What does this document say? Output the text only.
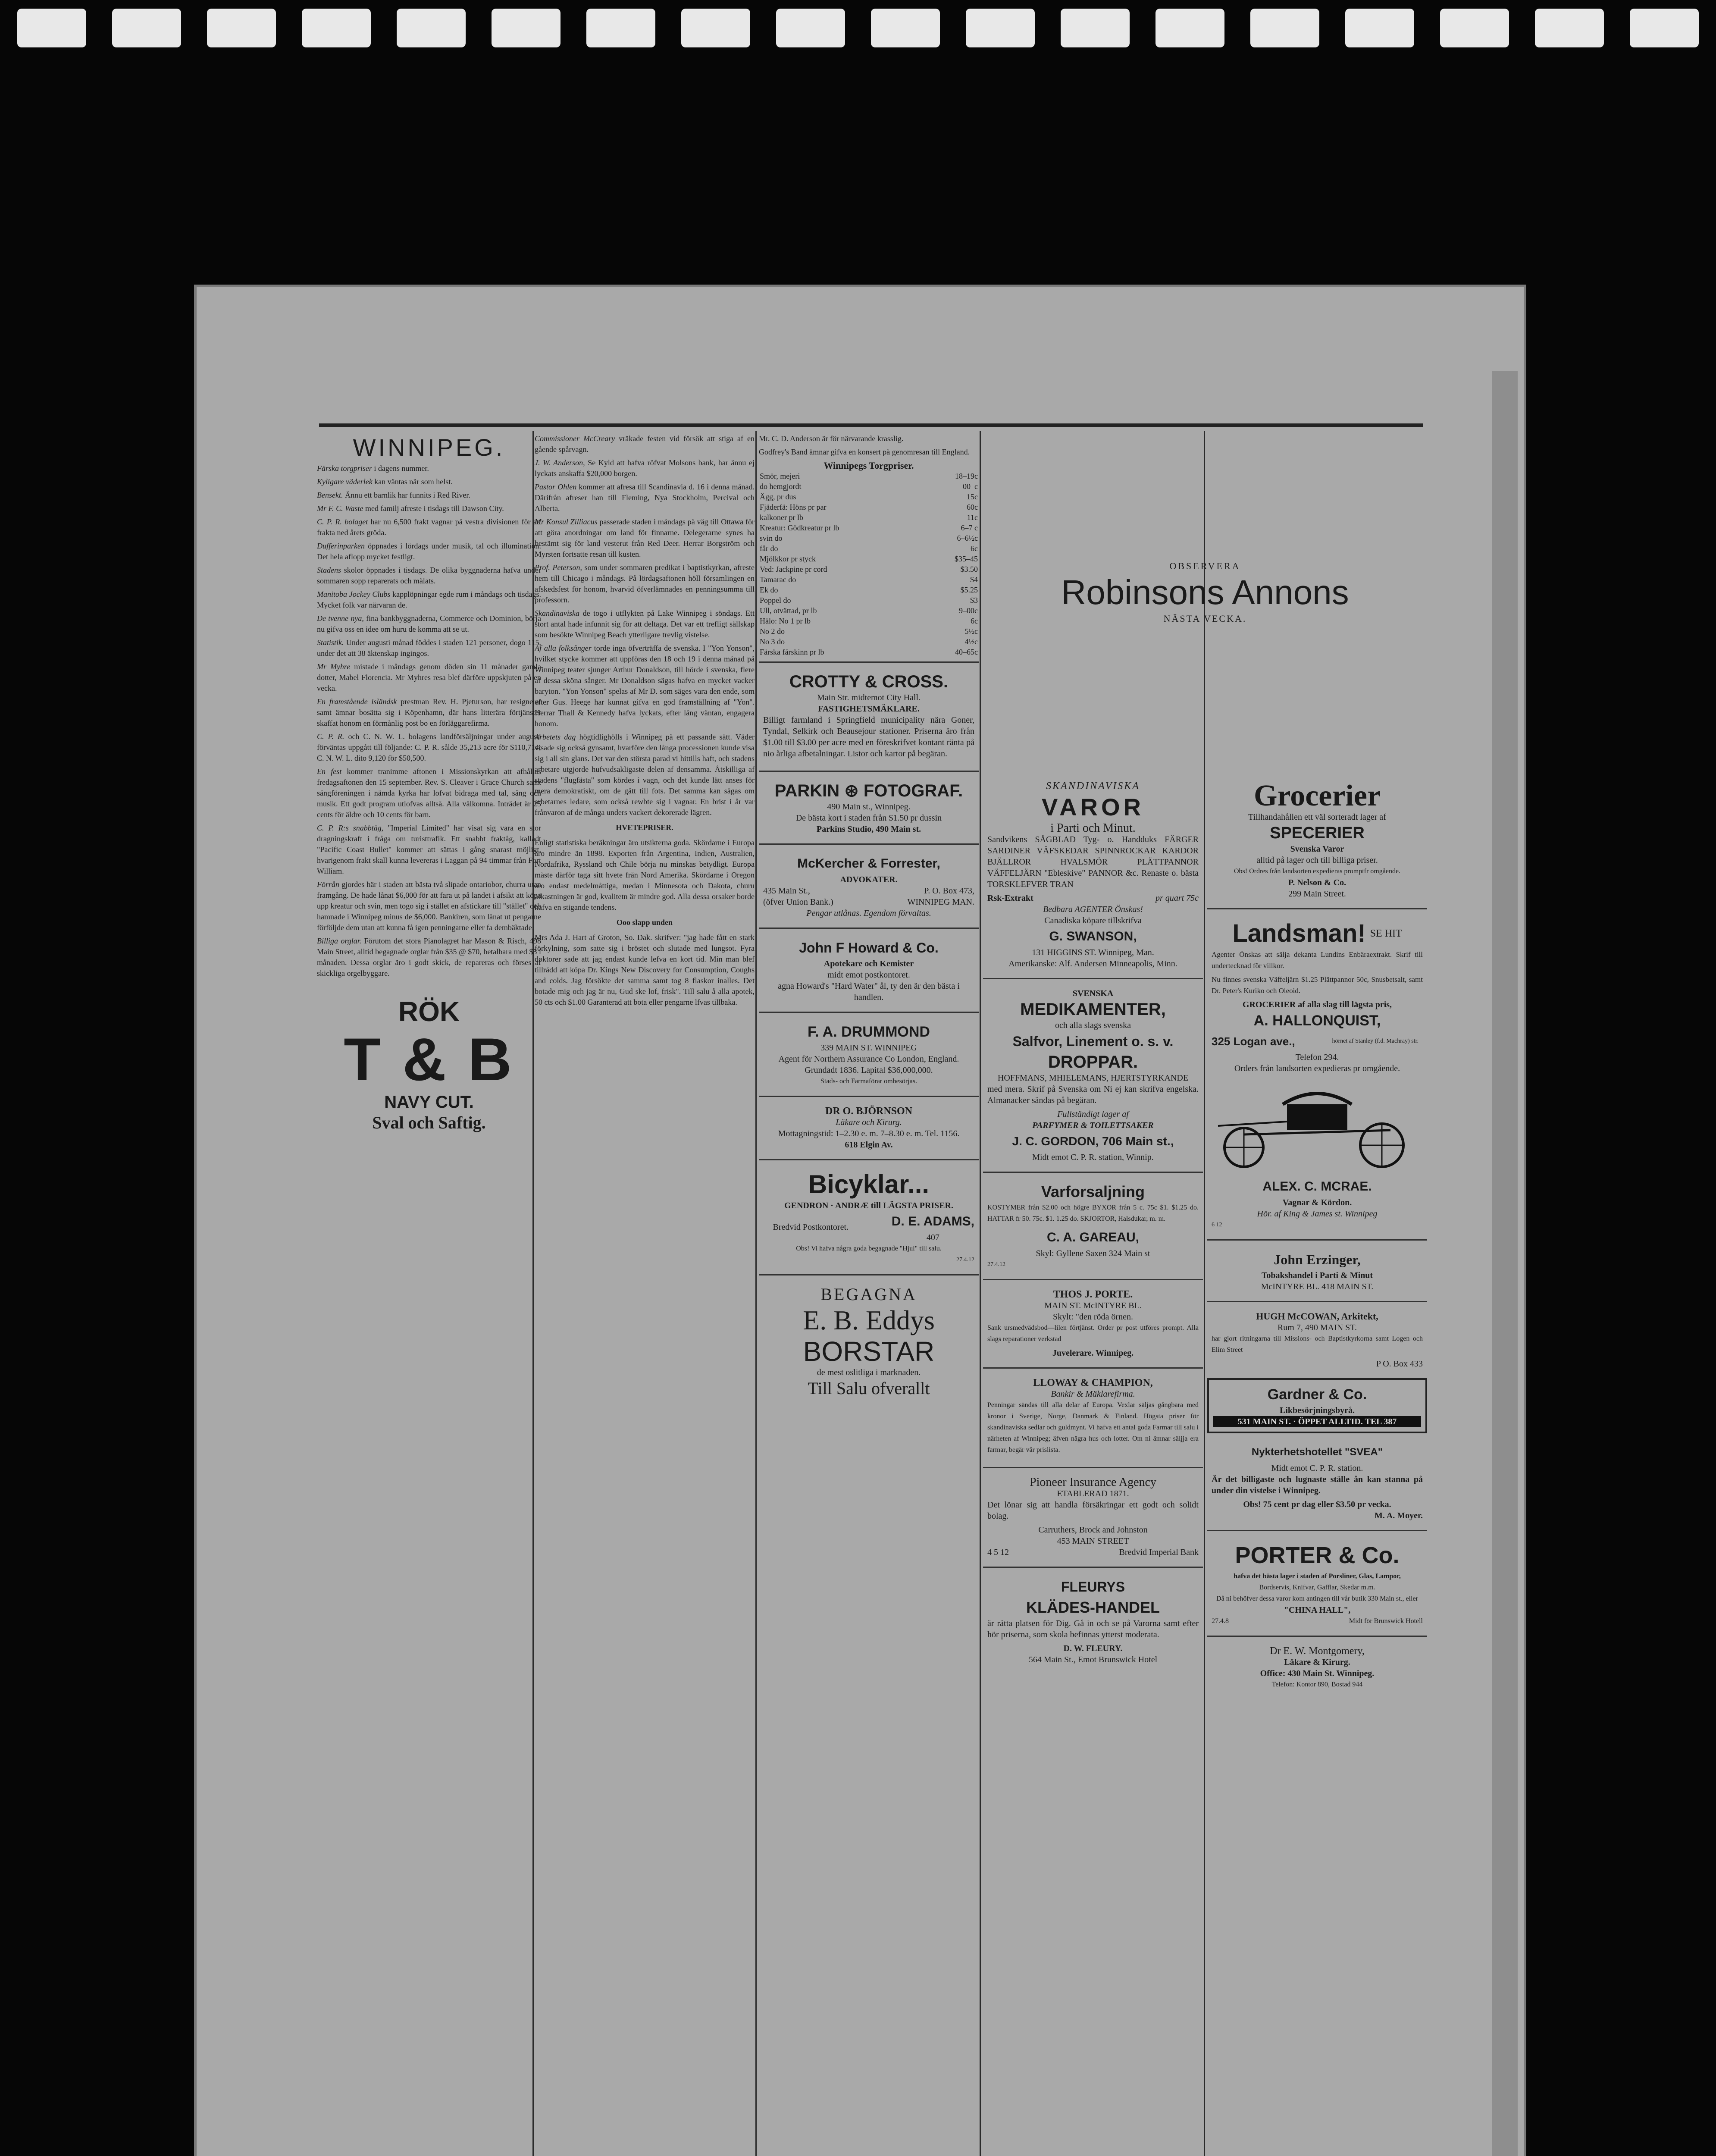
WINNIPEG.

Färska torgpriser i dagens nummer.

Kyligare väderlek kan väntas när som helst.

Bensekt. Ännu ett barnlik har funnits i Red River.

Mr F. C. Waste med familj afreste i tisdags till Dawson City.

C. P. R. bolaget har nu 6,500 frakt vagnar på vestra divisionen för att frakta ned årets gröda.

Dufferinparken öppnades i lördags under musik, tal och illumination. Det hela aflopp mycket festligt.

Stadens skolor öppnades i tisdags. De olika byggnaderna hafva under sommaren sopp reparerats och målats.

Manitoba Jockey Clubs kapplöpningar egde rum i måndags och tisdags. Mycket folk var närvaran de.

De tvenne nya, fina bankbyggnaderna, Commerce och Dominion, börja nu gifva oss en idee om huru de komma att se ut.

Statistik. Under augusti månad föddes i staden 121 personer, dogo 115, under det att 38 äktenskap ingingos.

Mr Myhre mistade i måndags genom döden sin 11 månader gamla dotter, Mabel Florencia. Mr Myhres resa blef därföre uppskjuten på en vecka.

En framstående isländsk prestman Rev. H. Pjeturson, har resignerat samt ämnar bosätta sig i Köpenhamn, där hans litterära förtjänster skaffat honom en förmånlig post bo en förläggarefirma.

C. P. R. och C. N. W. L. bolagens landförsäljningar under augusti förväntas uppgått till följande: C. P. R. sålde 35,213 acre för $110,714; C. N. W. L. dito 9,120 för $50,500.

En fest kommer tranimme aftonen i Missionskyrkan att afhållas fredagsaftonen den 15 september. Rev. S. Cleaver i Grace Church samt sångföreningen i nämda kyrka har lofvat bidraga med tal, sång och musik. Ett godt program utlofvas alltså. Alla välkomna. Inträdet är 25 cents för äldre och 10 cents för barn.

C. P. R:s snabbtåg, "Imperial Limited" har visat sig vara en stor dragningskraft i fråga om turisttrafik. Ett snabbt fraktåg, kalladt "Pacific Coast Bullet" kommer att sättas i gång snarast möjligt, hvarigenom frakt skall kunna levereras i Laggan på 94 timmar från Fort William.

Förrån gjordes här i staden att bästa två slipade ontariobor, churra utan framgång. De hade lånat $6,000 för att fara ut på landet i afsikt att köpa upp kreatur och svin, men togo sig i stället en afstickare till "stället" och hamnade i Winnipeg minus de $6,000. Bankiren, som lånat ut pengarne förföljde dem utan att kunna få igen penningarne eller fa dembäktade.

Billiga orglar. Förutom det stora Pianolagret har Mason & Risch, 498 Main Street, alltid begagnade orglar från $35 @ $70, betalbara med $5 i månaden. Dessa orglar äro i godt skick, de repareras och förses af skickliga orgelbyggare.

RÖK
T & B
NAVY CUT.
Sval och Saftig.

Commissioner McCreary vräkade festen vid försök att stiga af en gående spårvagn.

J. W. Anderson, Se Kyld att hafva röfvat Molsons bank, har ännu ej lyckats anskaffa $20,000 borgen.

Pastor Ohlen kommer att afresa till Scandinavia d. 16 i denna månad. Därifrån afreser han till Fleming, Nya Stockholm, Percival och Alberta.

Mr Konsul Zilliacus passerade staden i måndags på väg till Ottawa för att göra anordningar om land för finnarne. Delegerarne synes ha bestämt sig för land vesterut från Red Deer. Herrar Borgström och Myrsten fortsatte resan till kusten.

Prof. Peterson, som under sommaren predikat i baptistkyrkan, afreste hem till Chicago i måndags. På lördagsaftonen höll församlingen en afskedsfest för honom, hvarvid öfverlämnades en penningsumma till professorn.

Skandinaviska de togo i utflykten på Lake Winnipeg i söndags. Ett stort antal hade infunnit sig för att deltaga. Det var ett trefligt sällskap som besökte Winnipeg Beach ytterligare trevlig vistelse.

Af alla folksånger torde inga öfverträffa de svenska. I "Yon Yonson", hvilket stycke kommer att uppföras den 18 och 19 i denna månad på Winnipeg teater sjunger Arthur Donaldson, till hörde i svenska, flere af dessa sköna sånger. Mr Donaldson sägas hafva en mycket vacker baryton. "Yon Yonson" spelas af Mr D. som säges vara den ende, som efter Gus. Heege har kunnat gifva en god framställning af "Yon". Herrar Thall & Kennedy hafva lyckats, efter lång väntan, engagera honom.

Arbetets dag högtidlighölls i Winnipeg på ett passande sätt. Väder visade sig också gynsamt, hvarföre den långa processionen kunde visa sig i all sin glans. Det var den största parad vi hittills haft, och stadens arbetare utgjorde hufvudsakligaste delen af densamma. Åtskilliga af stadens "flugfästa" som kördes i vagn, och det kunde lätt anses för mera demokratiskt, om de gått till fots. Det samma kan sägas om arbetarnes ledare, som också rewbte sig i vagnar. En brist i år var frånvaron af de många unders vackert dekorerade lägren.

HVETEPRISER.

Enligt statistiska beräkningar äro utsikterna goda. Skördarne i Europa äro mindre än 1898. Exporten från Argentina, Indien, Australien, Nordafrika, Ryssland och Chile börja nu minskas betydligt. Europa måste därför taga sitt hvete från Nord Amerika. Skördarne i Oregon äro endast medelmåttiga, medan i Minnesota och Dakota, churu afkastningen är god, kvalitetn är mindre god. Alla dessa orsaker borde hafva en stigande tendens.

Ooo slapp unden

Mrs Ada J. Hart af Groton, So. Dak. skrifver: "jag hade fått en stark förkylning, som satte sig i bröstet och slutade med lungsot. Fyra doktorer sade att jag endast kunde lefva en kort tid. Min man blef tillrådd att köpa Dr. Kings New Discovery for Consumption, Coughs and colds. Jag försökte det samma samt tog 8 flaskor inalles. Det botade mig och jag är nu, Gud ske lof, frisk". Till salu å alla apotek, 50 cts och $1.00 Garanterad att bota eller pengarne lfvas tillbaka.

Mr. C. D. Anderson är för närvarande krasslig.

Godfrey's Band ämnar gifva en konsert på genomresan till England.

Winnipegs Torgpriser.
Smör, mejeri	18–19c
do hemgjordt	00–c
Ägg, pr dus	15c
Fjäderfä: Höns pr par	60c
kalkoner pr lb	11c
Kreatur: Gödkreatur pr lb	6–7 c
svin do	6–6½c
får do	6c
Mjölkkor pr styck	$35–45
Ved: Jackpine pr cord	$3.50
Tamarac do	$4
Ek do	$5.25
Poppel do	$3
Ull, otvättad, pr lb	9–00c
Hälo: No 1 pr lb	6c
No 2 do	5½c
No 3 do	4½c
Färska fårskinn pr lb	40–65c
CROTTY & CROSS.
Main Str. midtemot City Hall.
FASTIGHETSMÄKLARE.

Billigt farmland i Springfield municipality nära Goner, Tyndal, Selkirk och Beausejour stationer. Priserna äro från $1.00 till $3.00 per acre med en föreskrifvet kontant ränta på nio årliga afbetalningar. Listor och kartor på begäran.

PARKIN ⊛ FOTOGRAF.
490 Main st., Winnipeg.
De bästa kort i staden från $1.50 pr dussin
Parkins Studio, 490 Main st.
McKercher & Forrester,
ADVOKATER.
435 Main St.,	P. O. Box 473,
(öfver Union Bank.)	WINNIPEG MAN.
Pengar utlånas. Egendom förvaltas.
John F Howard & Co.
Apotekare och Kemister
midt emot postkontoret.
agna Howard's "Hard Water" ål, ty den är den bästa i handlen.
F. A. DRUMMOND
339 MAIN ST. WINNIPEG
Agent för Northern Assurance Co London, England. Grundadt 1836. Lapital $36,000,000.
Stads- och Farmaförar ombesörjas.
DR O. BJÖRNSON
Läkare och Kirurg.
Mottagningstid: 1–2.30 e. m. 7–8.30 e. m. Tel. 1156.
618 Elgin Av.
Bicyklar...
GENDRON · ANDRÆ till LÄGSTA PRISER.
Bredvid Postkontoret.	D. E. ADAMS,
407
Obs! Vi hafva några goda begagnade "Hjul" till salu.
27.4.12
BEGAGNA
E. B. Eddys
BORSTAR
de mest oslitliga i marknaden.
Till Salu ofverallt
OBSERVERA
Robinsons Annons
NÄSTA VECKA.
SKANDINAVISKA
VAROR
i Parti och Minut.

Sandvikens SÅGBLAD Tyg- o. Handduks FÄRGER SARDINER VÄFSKEDAR SPINNROCKAR KARDOR BJÄLLROR HVALSMÖR PLÄTTPANNOR VÄFFELJÄRN "Ebleskive" PANNOR &c. Renaste o. bästa TORSKLEFVER TRAN

Rsk-Extrakt	pr quart 75c
Bedbara AGENTER Önskas!
Canadiska köpare tillskrifva
G. SWANSON,
131 HIGGINS ST. Winnipeg, Man.
Amerikanske: Alf. Andersen Minneapolis, Minn.
SVENSKA
MEDIKAMENTER,
och alla slags svenska
Salfvor, Linement o. s. v.
DROPPAR.
HOFFMANS, MHIELEMANS, HJERTSTYRKANDE

med mera. Skrif på Svenska om Ni ej kan skrifva engelska. Almanacker sändas på begäran.

Fullständigt lager af
PARFYMER & TOILETTSAKER
J. C. GORDON, 706 Main st.,
Midt emot C. P. R. station, Winnip.
Varforsaljning

KOSTYMER från $2.00 och högre BYXOR från 5 c. 75c $1. $1.25 do. HATTAR fr 50. 75c. $1. 1.25 do. SKJORTOR, Halsdukar, m. m.

C. A. GAREAU,
Skyl: Gyllene Saxen 324 Main st
27.4.12
THOS J. PORTE.
MAIN ST. McINTYRE BL.
Skylt: "den röda örnen.

Sank ursmedvädsbod—lilen förtjänst. Order pr post utföres prompt. Alla slags reparationer verkstad

Juvelerare. Winnipeg.
LLOWAY & CHAMPION,
Bankir & Mäklarefirma.

Penningar sändas till alla delar af Europa. Vexlar säljas gångbara med kronor i Sverige, Norge, Danmark & Finland. Högsta priser för skandinaviska sedlar och guldmynt. Vi hafva ett antal goda Farmar till salu i närheten af Winnipeg; äfven nägra hus och lotter. Om ni ämnar säljja era farmar, begär vår prislista.

Pioneer Insurance Agency
ETABLERAD 1871.

Det lönar sig att handla försäkringar ett godt och solidt bolag.

Carruthers, Brock and Johnston
453 MAIN STREET
4 5 12	Bredvid Imperial Bank
FLEURYS
KLÄDES-HANDEL

är rätta platsen för Dig. Gå in och se på Varorna samt efter hör priserna, som skola befinnas ytterst moderata.

D. W. FLEURY.
564 Main St., Emot Brunswick Hotel
Grocerier
Tillhandahållen ett väl sorteradt lager af
SPECERIER
Svenska Varor
alltid på lager och till billiga priser.
Obs! Ordres från landsorten expedieras promptfr omgående.
P. Nelson & Co.
299 Main Street.
Landsman! SE HIT

Agenter Önskas att sälja dekanta Lundins Enbäraextrakt. Skrif till undertecknad för villkor.

Nu finnes svenska Väffeljärn $1.25 Plättpannor 50c, Snusbetsalt, samt Dr. Peter's Kuriko och Oleoid.

GROCERIER af alla slag till lägsta pris,
A. HALLONQUIST,
325 Logan ave.,	hörnet af Stanley (f.d. Machray) str.
Telefon 294.
Orders från landsorten expedieras pr omgående.
ALEX. C. MCRAE.
Vagnar & Kördon.
Hör. af King & James st. Winnipeg
6 12
John Erzinger,
Tobakshandel i Parti & Minut
McINTYRE BL. 418 MAIN ST.
HUGH McCOWAN, Arkitekt,
Rum 7, 490 MAIN ST.

har gjort ritningarna till Missions- och Baptistkyrkorna samt Logen och Elim Street

P O. Box 433
Gardner & Co.
Likbesörjningsbyrå.
531 MAIN ST. · ÖPPET ALLTID. TEL 387
Nykterhetshotellet "SVEA"
Midt emot C. P. R. station.

Är det billigaste och lugnaste ställe ån kan stanna på under din vistelse i Winnipeg.

Obs! 75 cent pr dag eller $3.50 pr vecka.
M. A. Moyer.
PORTER & Co.
hafva det bästa lager i staden af Porsliner, Glas, Lampor,
Bordservis, Knifvar, Gafflar, Skedar m.m.
Då ni behöfver dessa varor kom antingen till vår butik 330 Main st., eller
"CHINA HALL",
27.4.8	Midt för Brunswick Hotell
Dr E. W. Montgomery,
Läkare & Kirurg.
Office: 430 Main St. Winnipeg.
Telefon: Kontor 890, Bostad 944
